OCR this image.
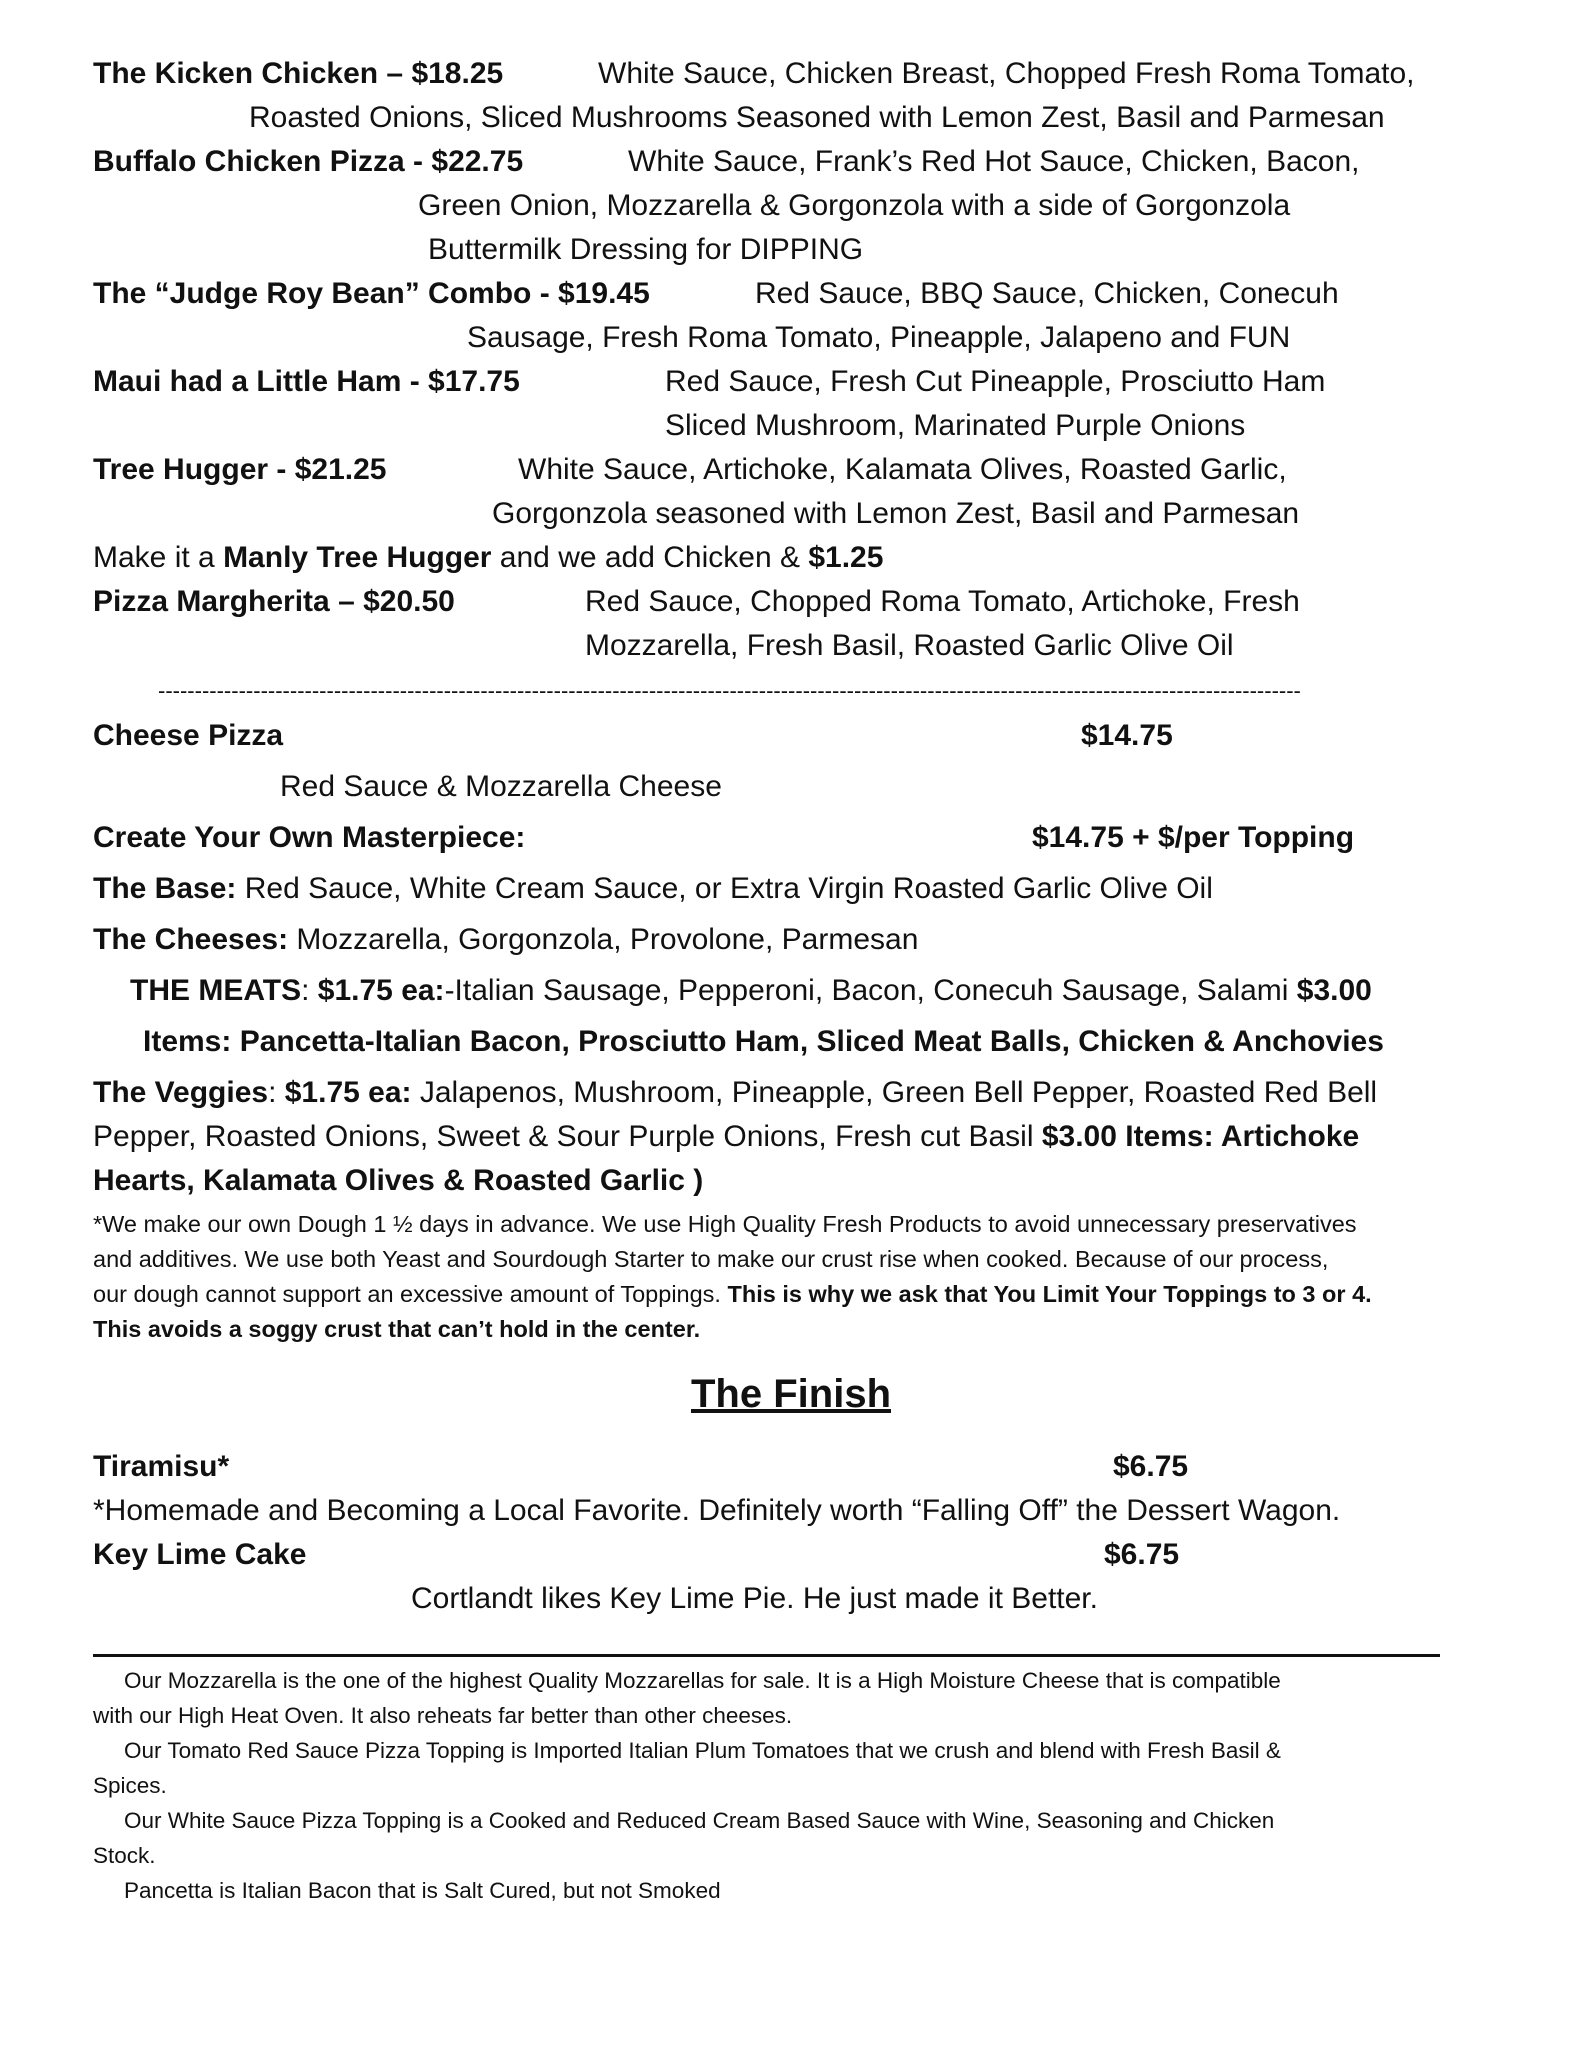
The Kicken Chicken – $18.25	White Sauce, Chicken Breast, Chopped Fresh Roma Tomato,
Roasted Onions, Sliced Mushrooms Seasoned with Lemon Zest, Basil and Parmesan
Buffalo Chicken Pizza - $22.75	White Sauce, Frank’s Red Hot Sauce, Chicken, Bacon,
Green Onion, Mozzarella & Gorgonzola with a side of Gorgonzola
Buttermilk Dressing for DIPPING
The “Judge Roy Bean” Combo - $19.45	Red Sauce, BBQ Sauce, Chicken, Conecuh
Sausage, Fresh Roma Tomato, Pineapple, Jalapeno and FUN
Maui had a Little Ham - $17.75	Red Sauce, Fresh Cut Pineapple, Prosciutto Ham
Sliced Mushroom, Marinated Purple Onions
Tree Hugger - $21.25	White Sauce, Artichoke, Kalamata Olives, Roasted Garlic,
Gorgonzola seasoned with Lemon Zest, Basil and Parmesan
Make it a Manly Tree Hugger and we add Chicken & $1.25
Pizza Margherita – $20.50	Red Sauce, Chopped Roma Tomato, Artichoke, Fresh
Mozzarella, Fresh Basil, Roasted Garlic Olive Oil
------------------------------------------------------------------------------------------------------------------------------------------------------------
Cheese Pizza	$14.75
Red Sauce & Mozzarella Cheese
Create Your Own Masterpiece:	$14.75 + $/per Topping
The Base: Red Sauce, White Cream Sauce, or Extra Virgin Roasted Garlic Olive Oil
The Cheeses: Mozzarella, Gorgonzola, Provolone, Parmesan
THE MEATS: $1.75 ea:-Italian Sausage, Pepperoni, Bacon, Conecuh Sausage, Salami $3.00
Items: Pancetta-Italian Bacon, Prosciutto Ham, Sliced Meat Balls, Chicken & Anchovies
The Veggies: $1.75 ea: Jalapenos, Mushroom, Pineapple, Green Bell Pepper, Roasted Red Bell
Pepper, Roasted Onions, Sweet & Sour Purple Onions, Fresh cut Basil $3.00 Items: Artichoke
Hearts, Kalamata Olives & Roasted Garlic )
*We make our own Dough 1 ½ days in advance. We use High Quality Fresh Products to avoid unnecessary preservatives
and additives. We use both Yeast and Sourdough Starter to make our crust rise when cooked. Because of our process,
our dough cannot support an excessive amount of Toppings. This is why we ask that You Limit Your Toppings to 3 or 4.
This avoids a soggy crust that can’t hold in the center.
The Finish
Tiramisu*	$6.75
*Homemade and Becoming a Local Favorite. Definitely worth “Falling Off” the Dessert Wagon.
Key Lime Cake	$6.75
Cortlandt likes Key Lime Pie. He just made it Better.
Our Mozzarella is the one of the highest Quality Mozzarellas for sale. It is a High Moisture Cheese that is compatible
with our High Heat Oven. It also reheats far better than other cheeses.
Our Tomato Red Sauce Pizza Topping is Imported Italian Plum Tomatoes that we crush and blend with Fresh Basil &
Spices.
Our White Sauce Pizza Topping is a Cooked and Reduced Cream Based Sauce with Wine, Seasoning and Chicken
Stock.
Pancetta is Italian Bacon that is Salt Cured, but not Smoked
